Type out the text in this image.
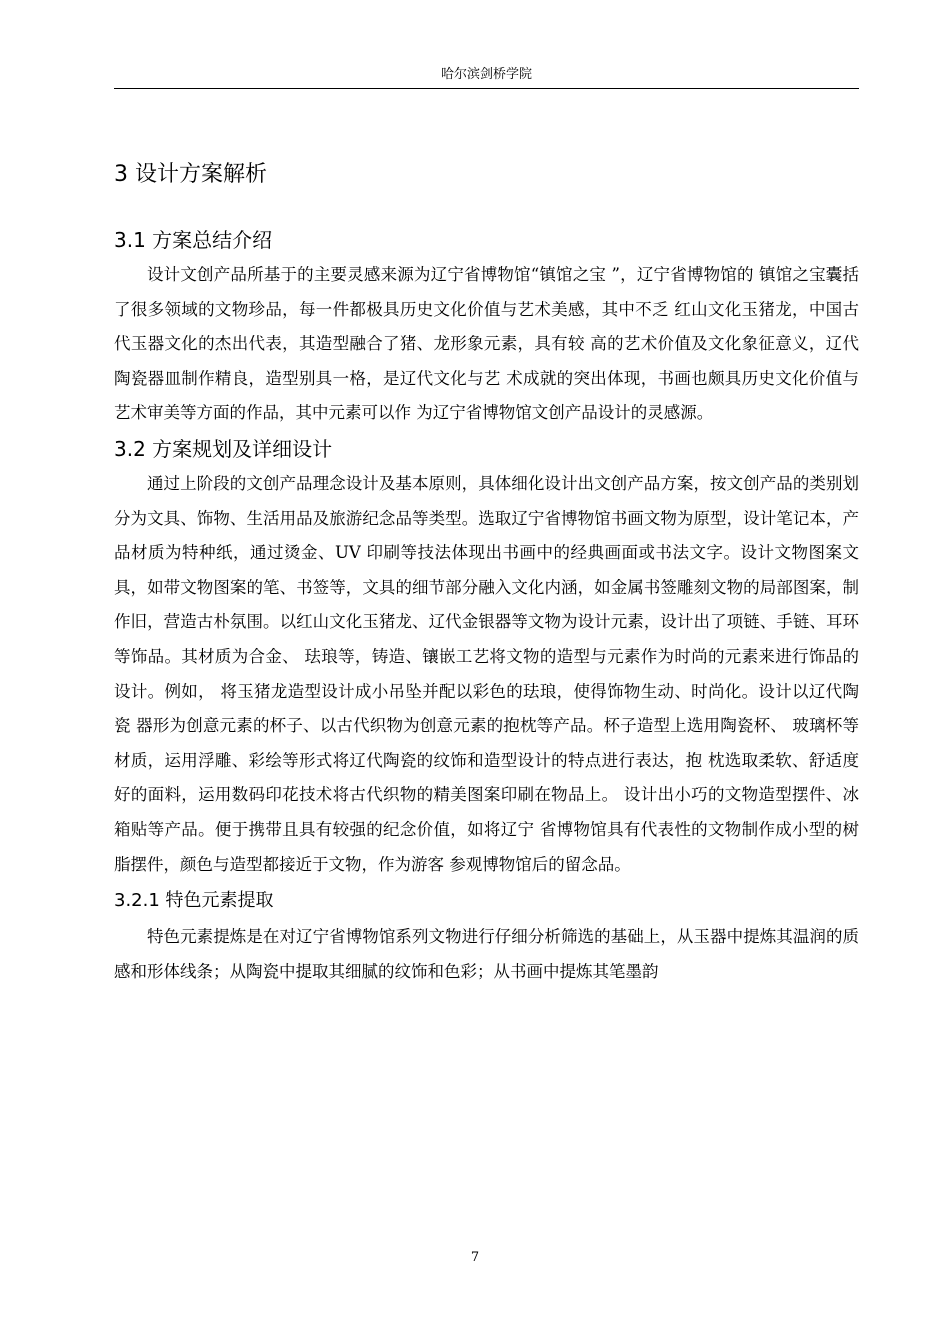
哈尔滨剑桥学院
3 设计方案解析
3.1 方案总结介绍

设计文创产品所基于的主要灵感来源为辽宁省博物馆“镇馆之宝 ”，辽宁省博物馆的 镇馆之宝囊括了很多领域的文物珍品，每一件都极具历史文化价值与艺术美感，其中不乏 红山文化玉猪龙，中国古代玉器文化的杰出代表，其造型融合了猪、龙形象元素，具有较 高的艺术价值及文化象征意义，辽代陶瓷器皿制作精良，造型别具一格，是辽代文化与艺 术成就的突出体现，书画也颇具历史文化价值与艺术审美等方面的作品，其中元素可以作 为辽宁省博物馆文创产品设计的灵感源。

3.2 方案规划及详细设计

通过上阶段的文创产品理念设计及基本原则，具体细化设计出文创产品方案，按文创产品的类别划分为文具、饰物、生活用品及旅游纪念品等类型。选取辽宁省博物馆书画文物为原型，设计笔记本，产品材质为特种纸，通过烫金、UV 印刷等技法体现出书画中的经典画面或书法文字。设计文物图案文具，如带文物图案的笔、书签等，文具的细节部分融入文化内涵，如金属书签雕刻文物的局部图案，制作旧，营造古朴氛围。以红山文化玉猪龙、辽代金银器等文物为设计元素，设计出了项链、手链、耳环等饰品。其材质为合金、 珐琅等，铸造、镶嵌工艺将文物的造型与元素作为时尚的元素来进行饰品的设计。例如， 将玉猪龙造型设计成小吊坠并配以彩色的珐琅，使得饰物生动、时尚化。设计以辽代陶瓷 器形为创意元素的杯子、以古代织物为创意元素的抱枕等产品。杯子造型上选用陶瓷杯、 玻璃杯等材质，运用浮雕、彩绘等形式将辽代陶瓷的纹饰和造型设计的特点进行表达，抱 枕选取柔软、舒适度好的面料，运用数码印花技术将古代织物的精美图案印刷在物品上。 设计出小巧的文物造型摆件、冰箱贴等产品。便于携带且具有较强的纪念价值，如将辽宁 省博物馆具有代表性的文物制作成小型的树脂摆件，颜色与造型都接近于文物，作为游客 参观博物馆后的留念品。

3.2.1 特色元素提取

特色元素提炼是在对辽宁省博物馆系列文物进行仔细分析筛选的基础上，从玉器中提炼其温润的质感和形体线条；从陶瓷中提取其细腻的纹饰和色彩；从书画中提炼其笔墨韵

7
